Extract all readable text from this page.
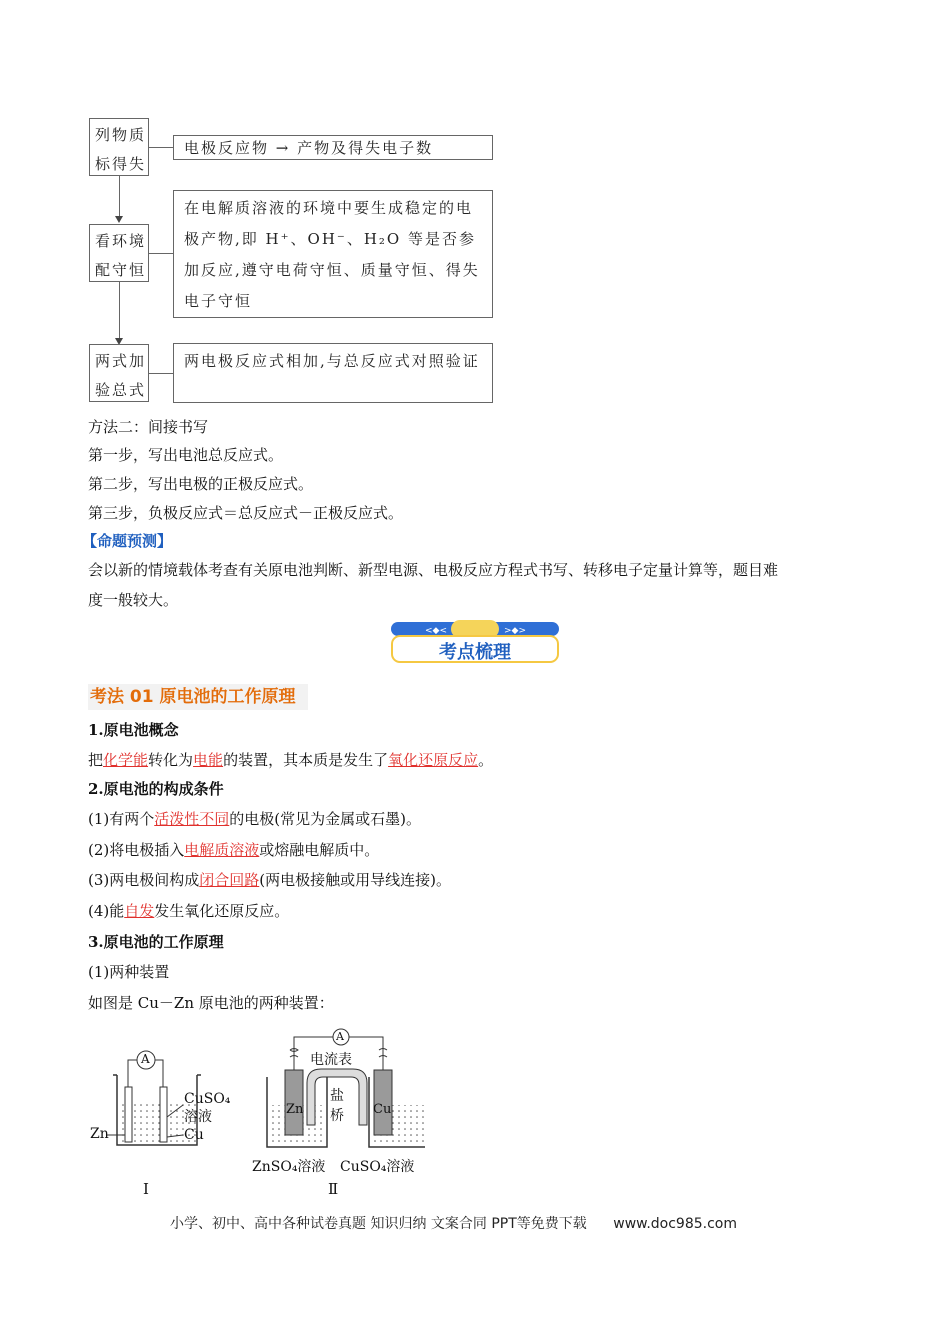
列物质
标得失
电极反应物 → 产物及得失电子数
看环境
配守恒
在电解质溶液的环境中要生成稳定的电极产物,即 H⁺、OH⁻、H₂O 等是否参加反应,遵守电荷守恒、质量守恒、得失电子守恒
两式加
验总式
两电极反应式相加,与总反应式对照验证
方法二：间接书写
第一步，写出电池总反应式。
第二步，写出电极的正极反应式。
第三步，负极反应式＝总反应式－正极反应式。
【命题预测】
会以新的情境载体考查有关原电池判断、新型电源、电极反应方程式书写、转移电子定量计算等，题目难
度一般较大。
<◆<	>◆>
考点梳理
考法 01 原电池的工作原理
1.原电池概念
把化学能转化为电能的装置，其本质是发生了氧化还原反应。
2.原电池的构成条件
(1)有两个活泼性不同的电极(常见为金属或石墨)。
(2)将电极插入电解质溶液或熔融电解质中。
(3)两电极间构成闭合回路(两电极接触或用导线连接)。
(4)能自发发生氧化还原反应。
3.原电池的工作原理
(1)两种装置
如图是 Cu－Zn 原电池的两种装置：
A
CuSO₄
溶液
Cu
Zn
I
A
电流表
盐
桥
Zn	Cu
ZnSO₄溶液 CuSO₄溶液
Ⅱ
小学、初中、高中各种试卷真题 知识归纳 文案合同 PPT等免费下载 www.doc985.com
